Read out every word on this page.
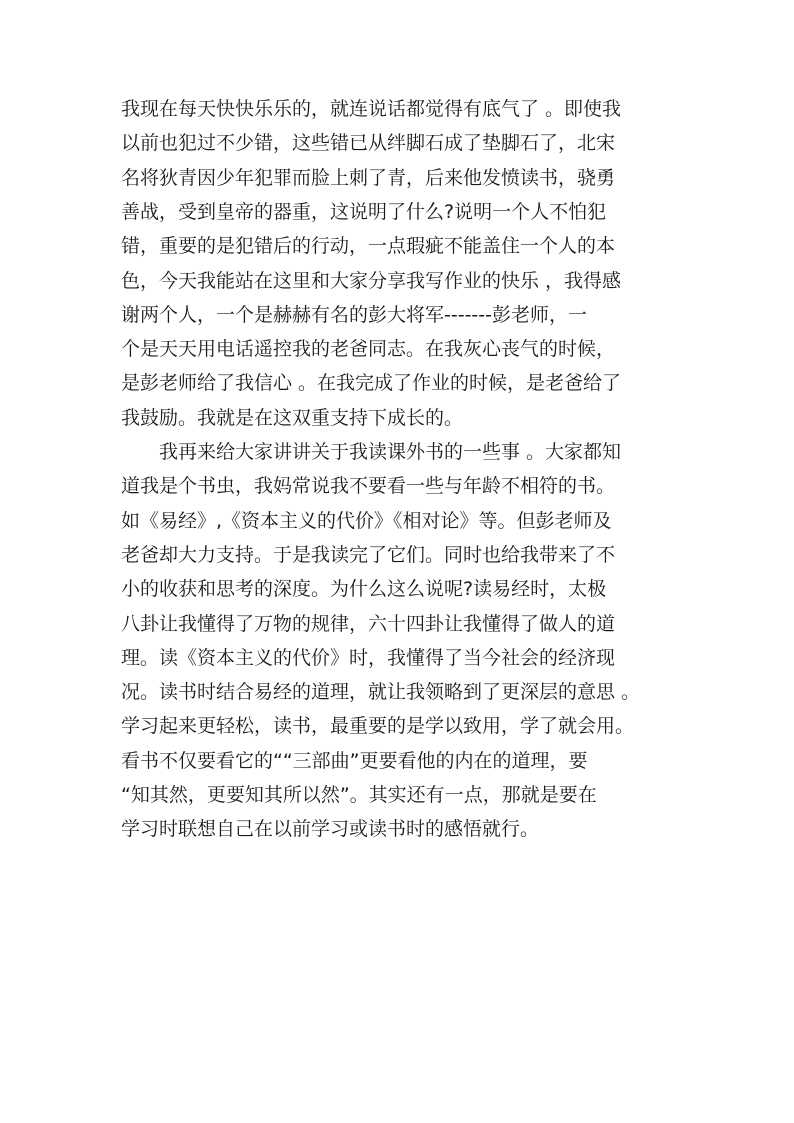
我现在每天快快乐乐的，就连说话都觉得有底气了 。即使我
以前也犯过不少错，这些错已从绊脚石成了垫脚石了，北宋
名将狄青因少年犯罪而脸上刺了青，后来他发愤读书，骁勇
善战，受到皇帝的器重，这说明了什么?说明一个人不怕犯
错，重要的是犯错后的行动，一点瑕疵不能盖住一个人的本
色，今天我能站在这里和大家分享我写作业的快乐 ，我得感
谢两个人，一个是赫赫有名的彭大将军-------彭老师，一
个是天天用电话遥控我的老爸同志。在我灰心丧气的时候，
是彭老师给了我信心 。在我完成了作业的时候，是老爸给了
我鼓励。我就是在这双重支持下成长的。
我再来给大家讲讲关于我读课外书的一些事 。大家都知
道我是个书虫，我妈常说我不要看一些与年龄不相符的书。
如《易经》,《资本主义的代价》《相对论》等。但彭老师及
老爸却大力支持。于是我读完了它们。同时也给我带来了不
小的收获和思考的深度。为什么这么说呢?读易经时，太极
八卦让我懂得了万物的规律，六十四卦让我懂得了做人的道
理。读《资本主义的代价》时，我懂得了当今社会的经济现
况。读书时结合易经的道理，就让我领略到了更深层的意思 。
学习起来更轻松，读书，最重要的是学以致用，学了就会用。
看书不仅要看它的““三部曲”更要看他的内在的道理，要
“知其然，更要知其所以然”。其实还有一点，那就是要在
学习时联想自己在以前学习或读书时的感悟就行。
